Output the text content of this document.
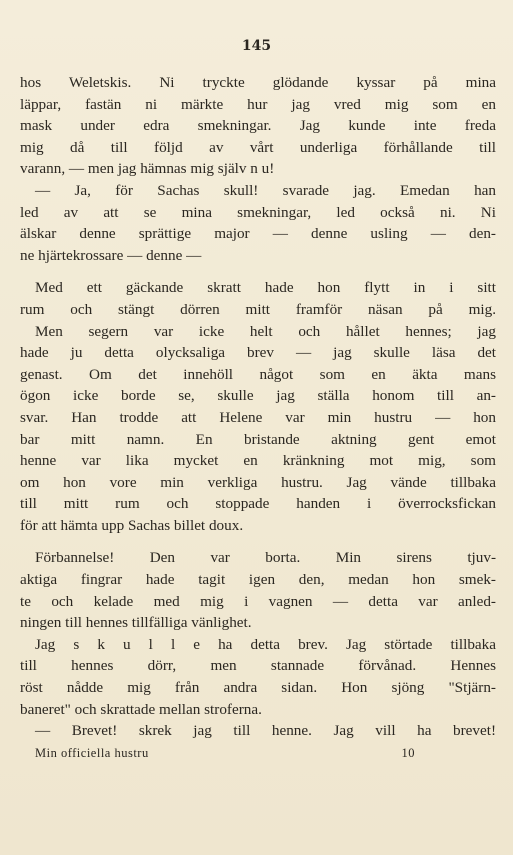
145
hos Weletskis. Ni tryckte glödande kyssar på mina
läppar, fastän ni märkte hur jag vred mig som en
mask under edra smekningar. Jag kunde inte freda
mig då till följd av vårt underliga förhållande till
varann, — men jag hämnas mig själv n u!
— Ja, för Sachas skull! svarade jag. Emedan han
led av att se mina smekningar, led också ni. Ni
älskar denne sprättige major — denne usling — den-
ne hjärtekrossare — denne —
Med ett gäckande skratt hade hon flytt in i sitt
rum och stängt dörren mitt framför näsan på mig.
Men segern var icke helt och hållet hennes; jag
hade ju detta olycksaliga brev — jag skulle läsa det
genast. Om det innehöll något som en äkta mans
ögon icke borde se, skulle jag ställa honom till an-
svar. Han trodde att Helene var min hustru — hon
bar mitt namn. En bristande aktning gent emot
henne var lika mycket en kränkning mot mig, som
om hon vore min verkliga hustru. Jag vände tillbaka
till mitt rum och stoppade handen i överrocksfickan
för att hämta upp Sachas billet doux.
Förbannelse! Den var borta. Min sirens tjuv-
aktiga fingrar hade tagit igen den, medan hon smek-
te och kelade med mig i vagnen — detta var anled-
ningen till hennes tillfälliga vänlighet.
Jag s k u l l e ha detta brev. Jag störtade tillbaka
till hennes dörr, men stannade förvånad. Hennes
röst nådde mig från andra sidan. Hon sjöng "Stjärn-
baneret" och skrattade mellan stroferna.
— Brevet! skrek jag till henne. Jag vill ha brevet!
Min officiella hustru	10
